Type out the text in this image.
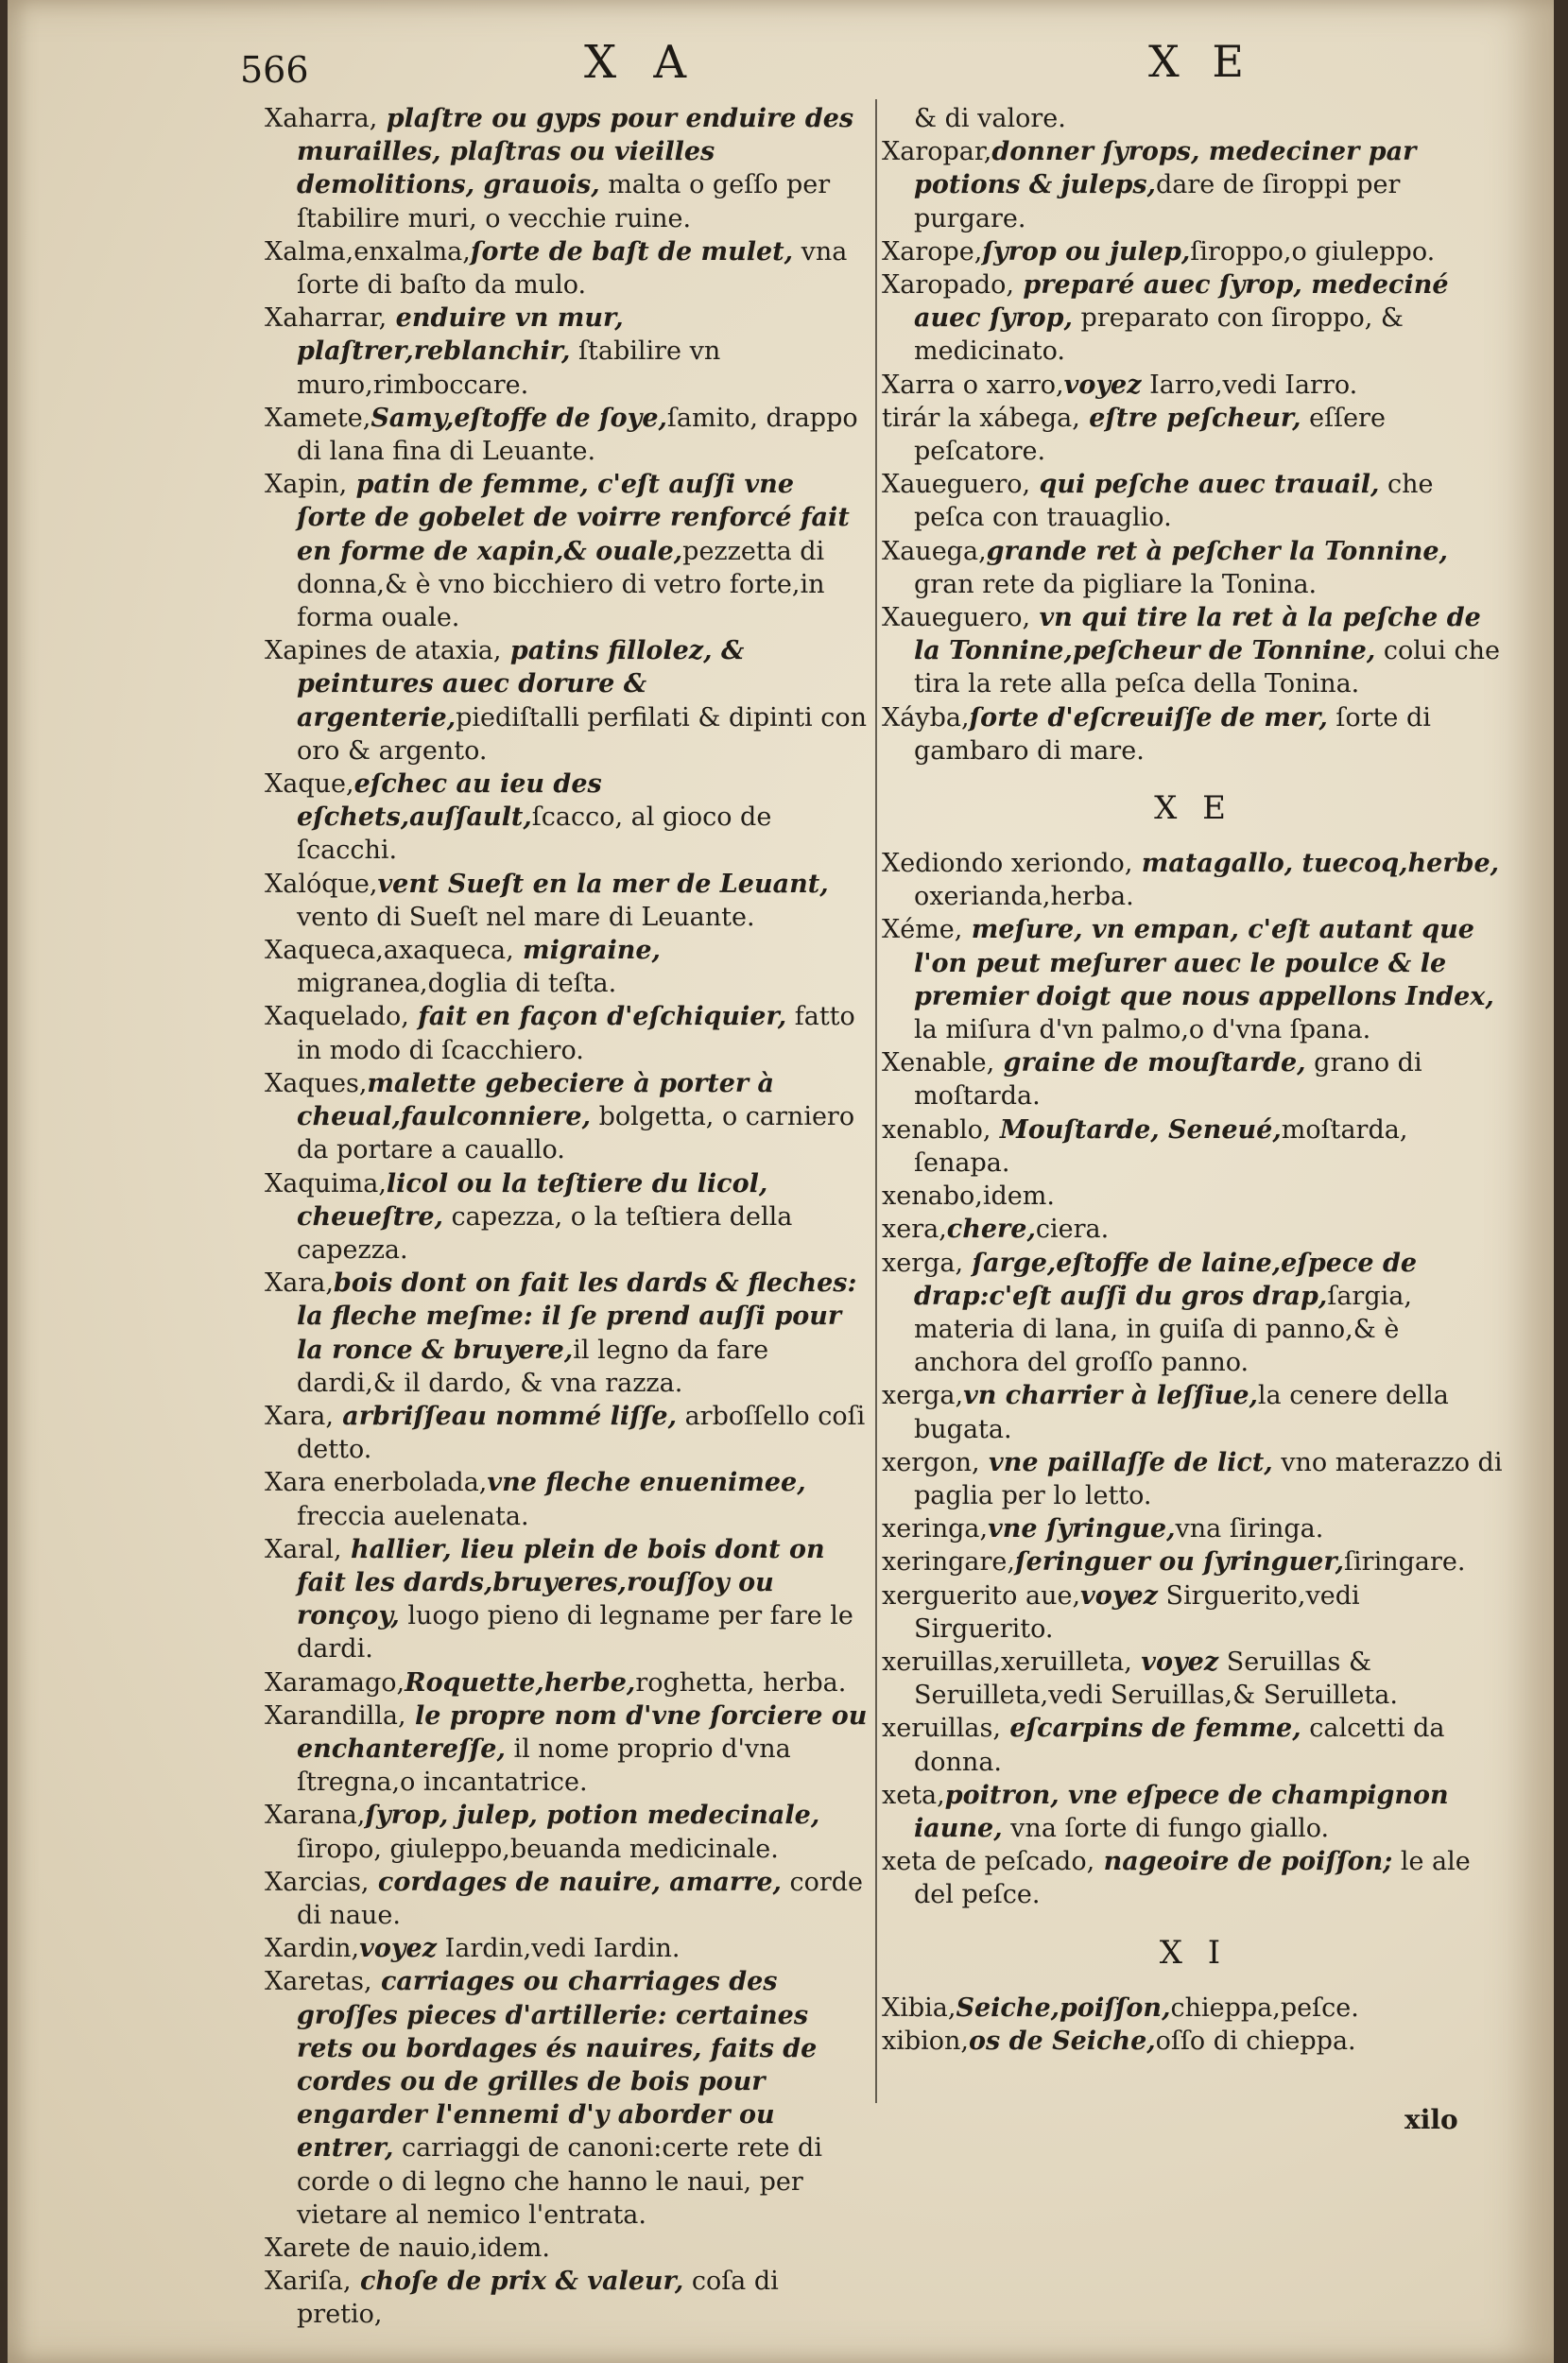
566	X A	X E

Xaharra, plaſtre ou gyps pour enduire des murailles, plaſtras ou vieilles demolitions, grauois, malta o geſſo per ſtabilire muri, o vecchie ruine.

Xalma,enxalma,ſorte de baſt de mulet, vna ſorte di baſto da mulo.

Xaharrar, enduire vn mur, plaſtrer,reblanchir, ſtabilire vn muro,rimboccare.

Xamete,Samy,eſtoffe de ſoye,ſamito, drappo di lana fina di Leuante.

Xapin, patin de femme, c'eſt auſſi vne ſorte de gobelet de voirre renforcé fait en forme de xapin,& ouale,pezzetta di donna,& è vno bicchiero di vetro forte,in forma ouale.

Xapines de ataxia, patins fillolez, & peintures auec dorure & argenterie,piediſtalli perfilati & dipinti con oro & argento.

Xaque,eſchec au ieu des eſchets,auſſault,ſcacco, al gioco de ſcacchi.

Xalóque,vent Sueſt en la mer de Leuant, vento di Sueſt nel mare di Leuante.

Xaqueca,axaqueca, migraine, migranea,doglia di teſta.

Xaquelado, fait en façon d'eſchiquier, fatto in modo di ſcacchiero.

Xaques,malette gebeciere à porter à cheual,faulconniere, bolgetta, o carniero da portare a cauallo.

Xaquima,licol ou la teſtiere du licol, cheueſtre, capezza, o la teſtiera della capezza.

Xara,bois dont on fait les dards & fleches: la fleche meſme: il ſe prend auſſi pour la ronce & bruyere,il legno da fare dardi,& il dardo, & vna razza.

Xara, arbriſſeau nommé liſſe, arboſſello coſi detto.

Xara enerbolada,vne fleche enuenimee, freccia auelenata.

Xaral, hallier, lieu plein de bois dont on fait les dards,bruyeres,rouſſoy ou ronçoy, luogo pieno di legname per fare le dardi.

Xaramago,Roquette,herbe,roghetta, herba.

Xarandilla, le propre nom d'vne ſorciere ou enchantereſſe, il nome proprio d'vna ſtregna,o incantatrice.

Xarana,ſyrop, julep, potion medecinale, ſiropo, giuleppo,beuanda medicinale.

Xarcias, cordages de nauire, amarre, corde di naue.

Xardin,voyez Iardin,vedi Iardin.

Xaretas, carriages ou charriages des groſſes pieces d'artillerie: certaines rets ou bordages és nauires, faits de cordes ou de grilles de bois pour engarder l'ennemi d'y aborder ou entrer, carriaggi de canoni:certe rete di corde o di legno che hanno le naui, per vietare al nemico l'entrata.

Xarete de nauio,idem.

Xariſa, choſe de prix & valeur, coſa di pretio,

& di valore.

Xaropar,donner ſyrops, medeciner par potions & juleps,dare de ſiroppi per purgare.

Xarope,ſyrop ou julep,ſiroppo,o giuleppo.

Xaropado, preparé auec ſyrop, medeciné auec ſyrop, preparato con ſiroppo, & medicinato.

Xarra o xarro,voyez Iarro,vedi Iarro.

tirár la xábega, eſtre peſcheur, eſſere peſcatore.

Xaueguero, qui peſche auec trauail, che peſca con trauaglio.

Xauega,grande ret à peſcher la Tonnine, gran rete da pigliare la Tonina.

Xaueguero, vn qui tire la ret à la peſche de la Tonnine,peſcheur de Tonnine, colui che tira la rete alla peſca della Tonina.

Xáyba,ſorte d'eſcreuiſſe de mer, ſorte di gambaro di mare.

X E

Xediondo xeriondo, matagallo, tuecoq,herbe, oxerianda,herba.

Xéme, meſure, vn empan, c'eſt autant que l'on peut meſurer auec le poulce & le premier doigt que nous appellons Index, la miſura d'vn palmo,o d'vna ſpana.

Xenable, graine de mouſtarde, grano di moſtarda.

xenablo, Mouſtarde, Seneué,moſtarda, ſenapa.

xenabo,idem.

xera,chere,ciera.

xerga, ſarge,eſtoffe de laine,eſpece de drap:c'eſt auſſi du gros drap,ſargia, materia di lana, in guiſa di panno,& è anchora del groſſo panno.

xerga,vn charrier à leſſiue,la cenere della bugata.

xergon, vne paillaſſe de lict, vno materazzo di paglia per lo letto.

xeringa,vne ſyringue,vna ſiringa.

xeringare,ſeringuer ou ſyringuer,ſiringare.

xerguerito aue,voyez Sirguerito,vedi Sirguerito.

xeruillas,xeruilleta, voyez Seruillas & Seruilleta,vedi Seruillas,& Seruilleta.

xeruillas, eſcarpins de femme, calcetti da donna.

xeta,poitron, vne eſpece de champignon iaune, vna ſorte di fungo giallo.

xeta de peſcado, nageoire de poiſſon; le ale del peſce.

X I

Xibia,Seiche,poiſſon,chieppa,peſce.

xibion,os de Seiche,oſſo di chieppa.

xilo
